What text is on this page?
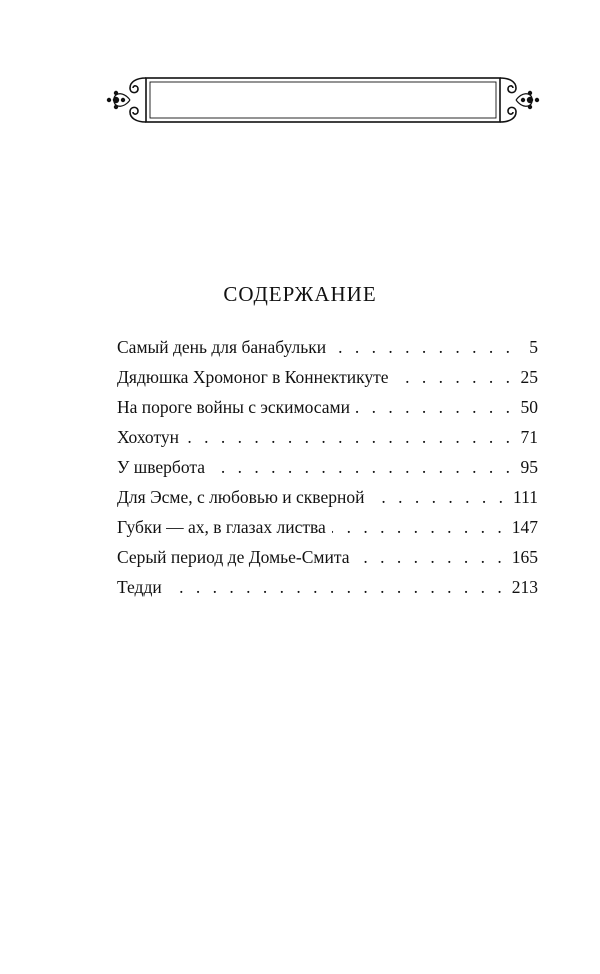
СОДЕРЖАНИЕ
Самый день для банабульки . . .	5
Дядюшка Хромоног в Коннектикуте . . .	25
На пороге войны с эскимосами . . .	50
Хохотун . . .	71
У швербота . . .	95
Для Эсме, с любовью и скверной . . .	111
Губки — ах, в глазах листва . . .	147
Серый период де Домье-Смита . . .	165
Тедди . . .	213
